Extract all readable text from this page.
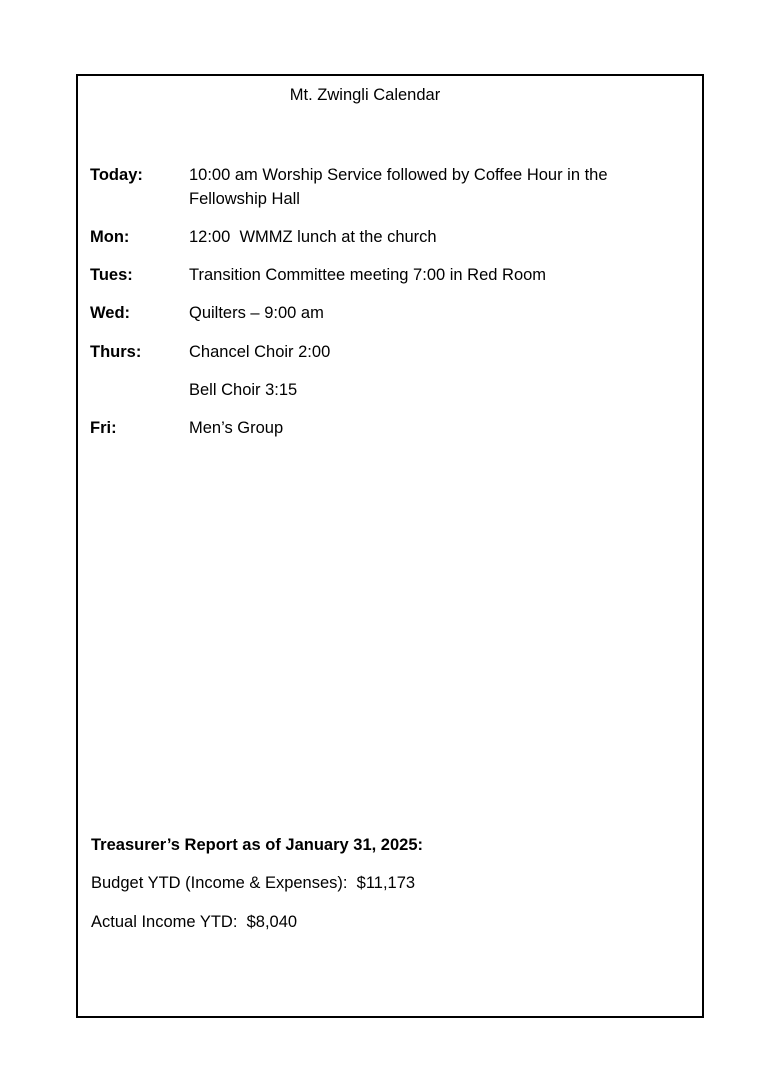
Mt. Zwingli Calendar
Today:	10:00 am Worship Service followed by Coffee Hour in the Fellowship Hall
Mon:	12:00  WMMZ lunch at the church
Tues:	Transition Committee meeting 7:00 in Red Room
Wed:	Quilters – 9:00 am
Thurs:	Chancel Choir 2:00
Bell Choir 3:15
Fri:	Men’s Group
Treasurer’s Report as of January 31, 2025:
Budget YTD (Income & Expenses):  $11,173
Actual Income YTD:  $8,040
